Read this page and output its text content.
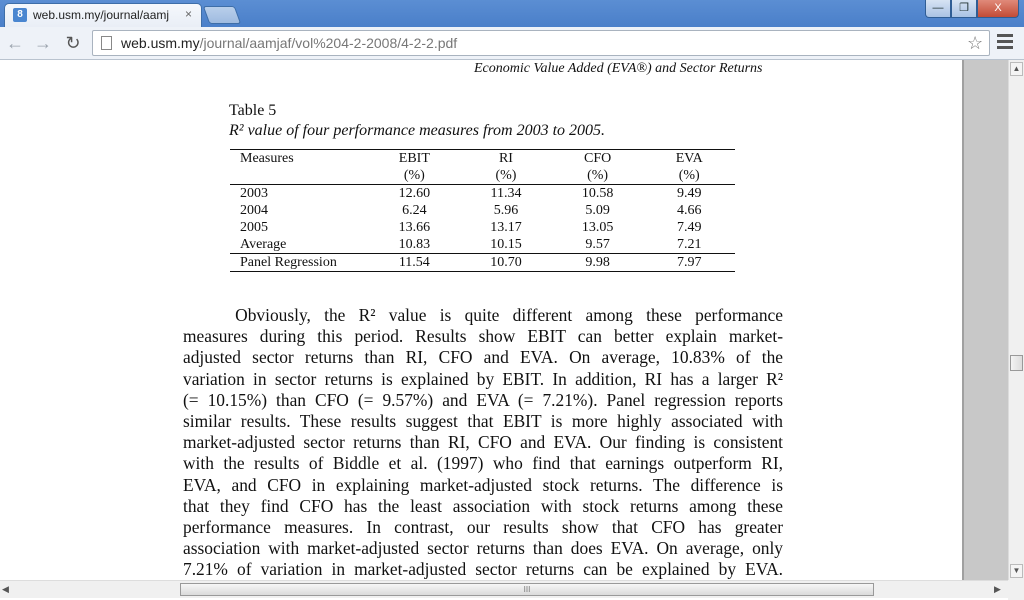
8 web.usm.my/journal/aamj	×	—	❐	X
← → ↻	web.usm.my/journal/aamjaf/vol%204-2-2008/4-2-2.pdf	☆
Economic Value Added (EVA®) and Sector Returns
Table 5
R² value of four performance measures from 2003 to 2005.
Measures	EBIT	RI	CFO	EVA
	(%)	(%)	(%)	(%)
2003	12.60	11.34	10.58	9.49
2004	6.24	5.96	5.09	4.66
2005	13.66	13.17	13.05	7.49
Average	10.83	10.15	9.57	7.21
Panel Regression	11.54	10.70	9.98	7.97

   Obviously, the R² value is quite different among these performance

measures during this period. Results show EBIT can better explain market-

adjusted sector returns than RI, CFO and EVA. On average, 10.83% of the

variation in sector returns is explained by EBIT. In addition, RI has a larger R²

(= 10.15%) than CFO (= 9.57%) and EVA (= 7.21%). Panel regression reports

similar results. These results suggest that EBIT is more highly associated with

market-adjusted sector returns than RI, CFO and EVA. Our finding is consistent

with the results of Biddle et al. (1997) who find that earnings outperform RI,

EVA, and CFO in explaining market-adjusted stock returns. The difference is

that they find CFO has the least association with stock returns among these

performance measures. In contrast, our results show that CFO has greater

association with market-adjusted sector returns than does EVA. On average, only

7.21% of variation in market-adjusted sector returns can be explained by EVA.

▲
▼
◀	III	▶
